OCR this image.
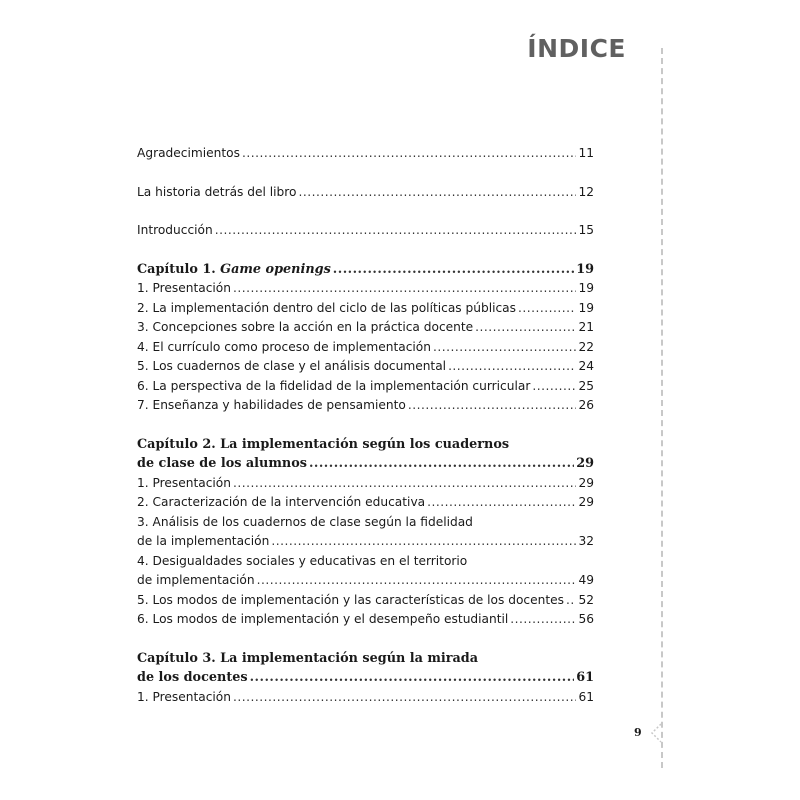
ÍNDICE
Agradecimientos .....	11
La historia detrás del libro .....	12
Introducción .....	15
Capítulo 1. Game openings .....	19
1. Presentación .....	19
2. La implementación dentro del ciclo de las políticas públicas .....	19
3. Concepciones sobre la acción en la práctica docente .....	21
4. El currículo como proceso de implementación .....	22
5. Los cuadernos de clase y el análisis documental .....	24
6. La perspectiva de la fidelidad de la implementación curricular .....	25
7. Enseñanza y habilidades de pensamiento .....	26
Capítulo 2. La implementación según los cuadernos
de clase de los alumnos .....	29
1. Presentación .....	29
2. Caracterización de la intervención educativa .....	29
3. Análisis de los cuadernos de clase según la fidelidad
de la implementación .....	32
4. Desigualdades sociales y educativas en el territorio
de implementación .....	49
5. Los modos de implementación y las características de los docentes ..... 52
6. Los modos de implementación y el desempeño estudiantil .....	56
Capítulo 3. La implementación según la mirada
de los docentes .....	61
1. Presentación .....	61
9
